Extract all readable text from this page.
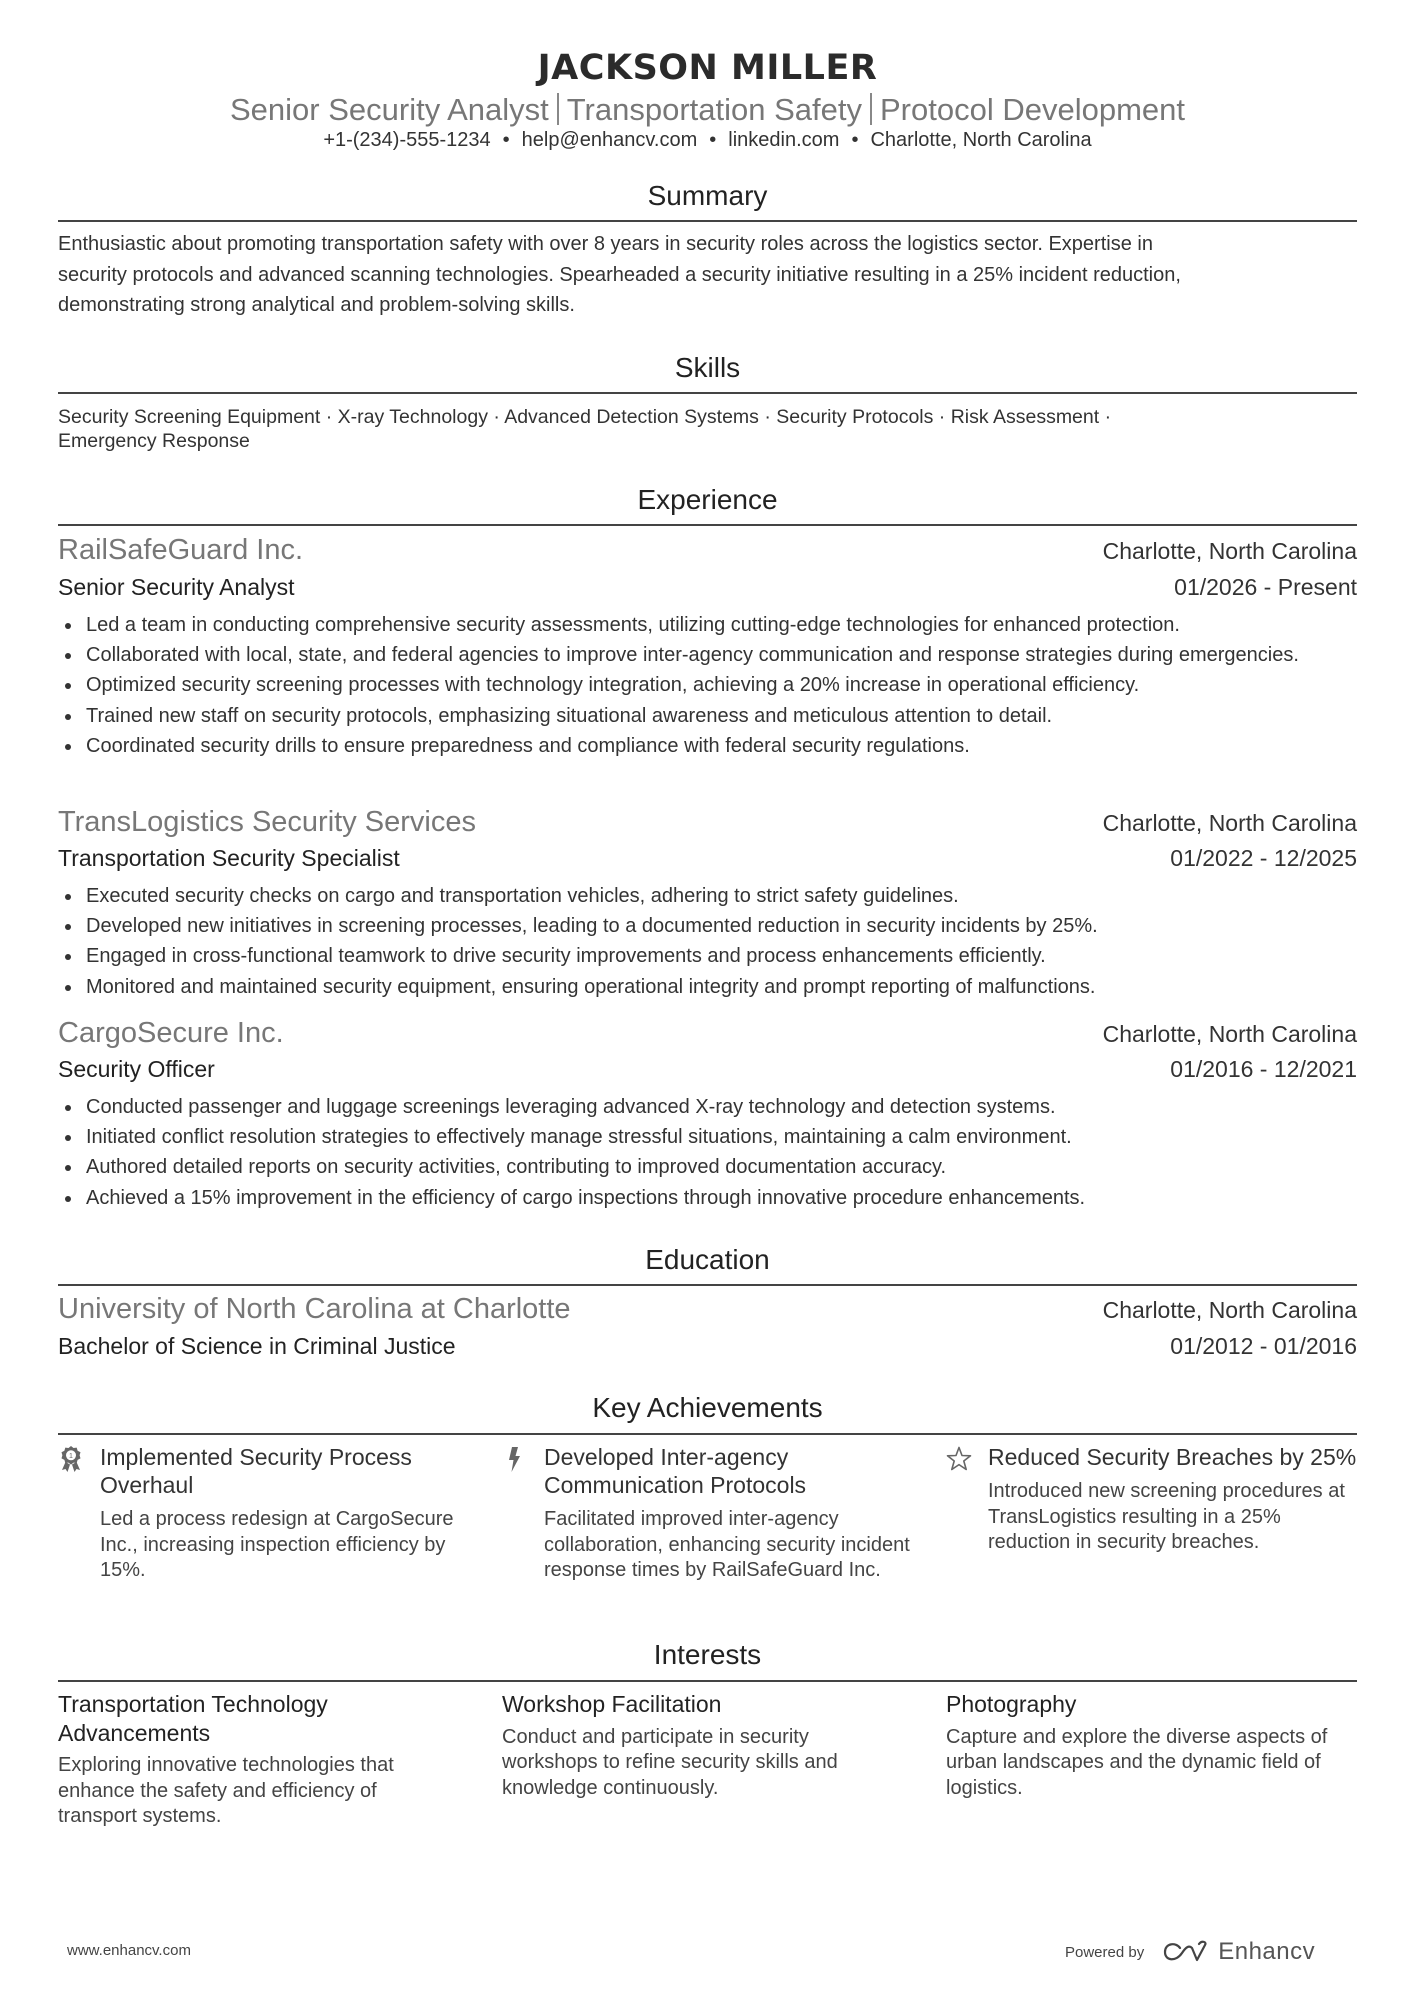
JACKSON MILLER
Senior Security Analyst Transportation Safety Protocol Development
+1-(234)-555-1234 • help@enhancv.com • linkedin.com • Charlotte, North Carolina
Summary
Enthusiastic about promoting transportation safety with over 8 years in security roles across the logistics sector. Expertise in
security protocols and advanced scanning technologies. Spearheaded a security initiative resulting in a 25% incident reduction,
demonstrating strong analytical and problem-solving skills.
Skills
Security Screening Equipment · X-ray Technology · Advanced Detection Systems · Security Protocols · Risk Assessment ·
Emergency Response
Experience
RailSafeGuard Inc.	Charlotte, North Carolina
Senior Security Analyst	01/2026 - Present
Led a team in conducting comprehensive security assessments, utilizing cutting-edge technologies for enhanced protection.
Collaborated with local, state, and federal agencies to improve inter-agency communication and response strategies during emergencies.
Optimized security screening processes with technology integration, achieving a 20% increase in operational efficiency.
Trained new staff on security protocols, emphasizing situational awareness and meticulous attention to detail.
Coordinated security drills to ensure preparedness and compliance with federal security regulations.
TransLogistics Security Services	Charlotte, North Carolina
Transportation Security Specialist	01/2022 - 12/2025
Executed security checks on cargo and transportation vehicles, adhering to strict safety guidelines.
Developed new initiatives in screening processes, leading to a documented reduction in security incidents by 25%.
Engaged in cross-functional teamwork to drive security improvements and process enhancements efficiently.
Monitored and maintained security equipment, ensuring operational integrity and prompt reporting of malfunctions.
CargoSecure Inc.	Charlotte, North Carolina
Security Officer	01/2016 - 12/2021
Conducted passenger and luggage screenings leveraging advanced X-ray technology and detection systems.
Initiated conflict resolution strategies to effectively manage stressful situations, maintaining a calm environment.
Authored detailed reports on security activities, contributing to improved documentation accuracy.
Achieved a 15% improvement in the efficiency of cargo inspections through innovative procedure enhancements.
Education
University of North Carolina at Charlotte	Charlotte, North Carolina
Bachelor of Science in Criminal Justice	01/2012 - 01/2016
Key Achievements
1 Implemented Security Process Overhaul
Led a process redesign at CargoSecure Inc., increasing inspection efficiency by 15%.
Developed Inter-agency Communication Protocols
Facilitated improved inter-agency collaboration, enhancing security incident response times by RailSafeGuard Inc.
Reduced Security Breaches by 25%
Introduced new screening procedures at TransLogistics resulting in a 25% reduction in security breaches.
Interests
Transportation Technology Advancements
Exploring innovative technologies that enhance the safety and efficiency of transport systems.
Workshop Facilitation
Conduct and participate in security workshops to refine security skills and knowledge continuously.
Photography
Capture and explore the diverse aspects of urban landscapes and the dynamic field of logistics.
www.enhancv.com	Powered by	Enhancv
